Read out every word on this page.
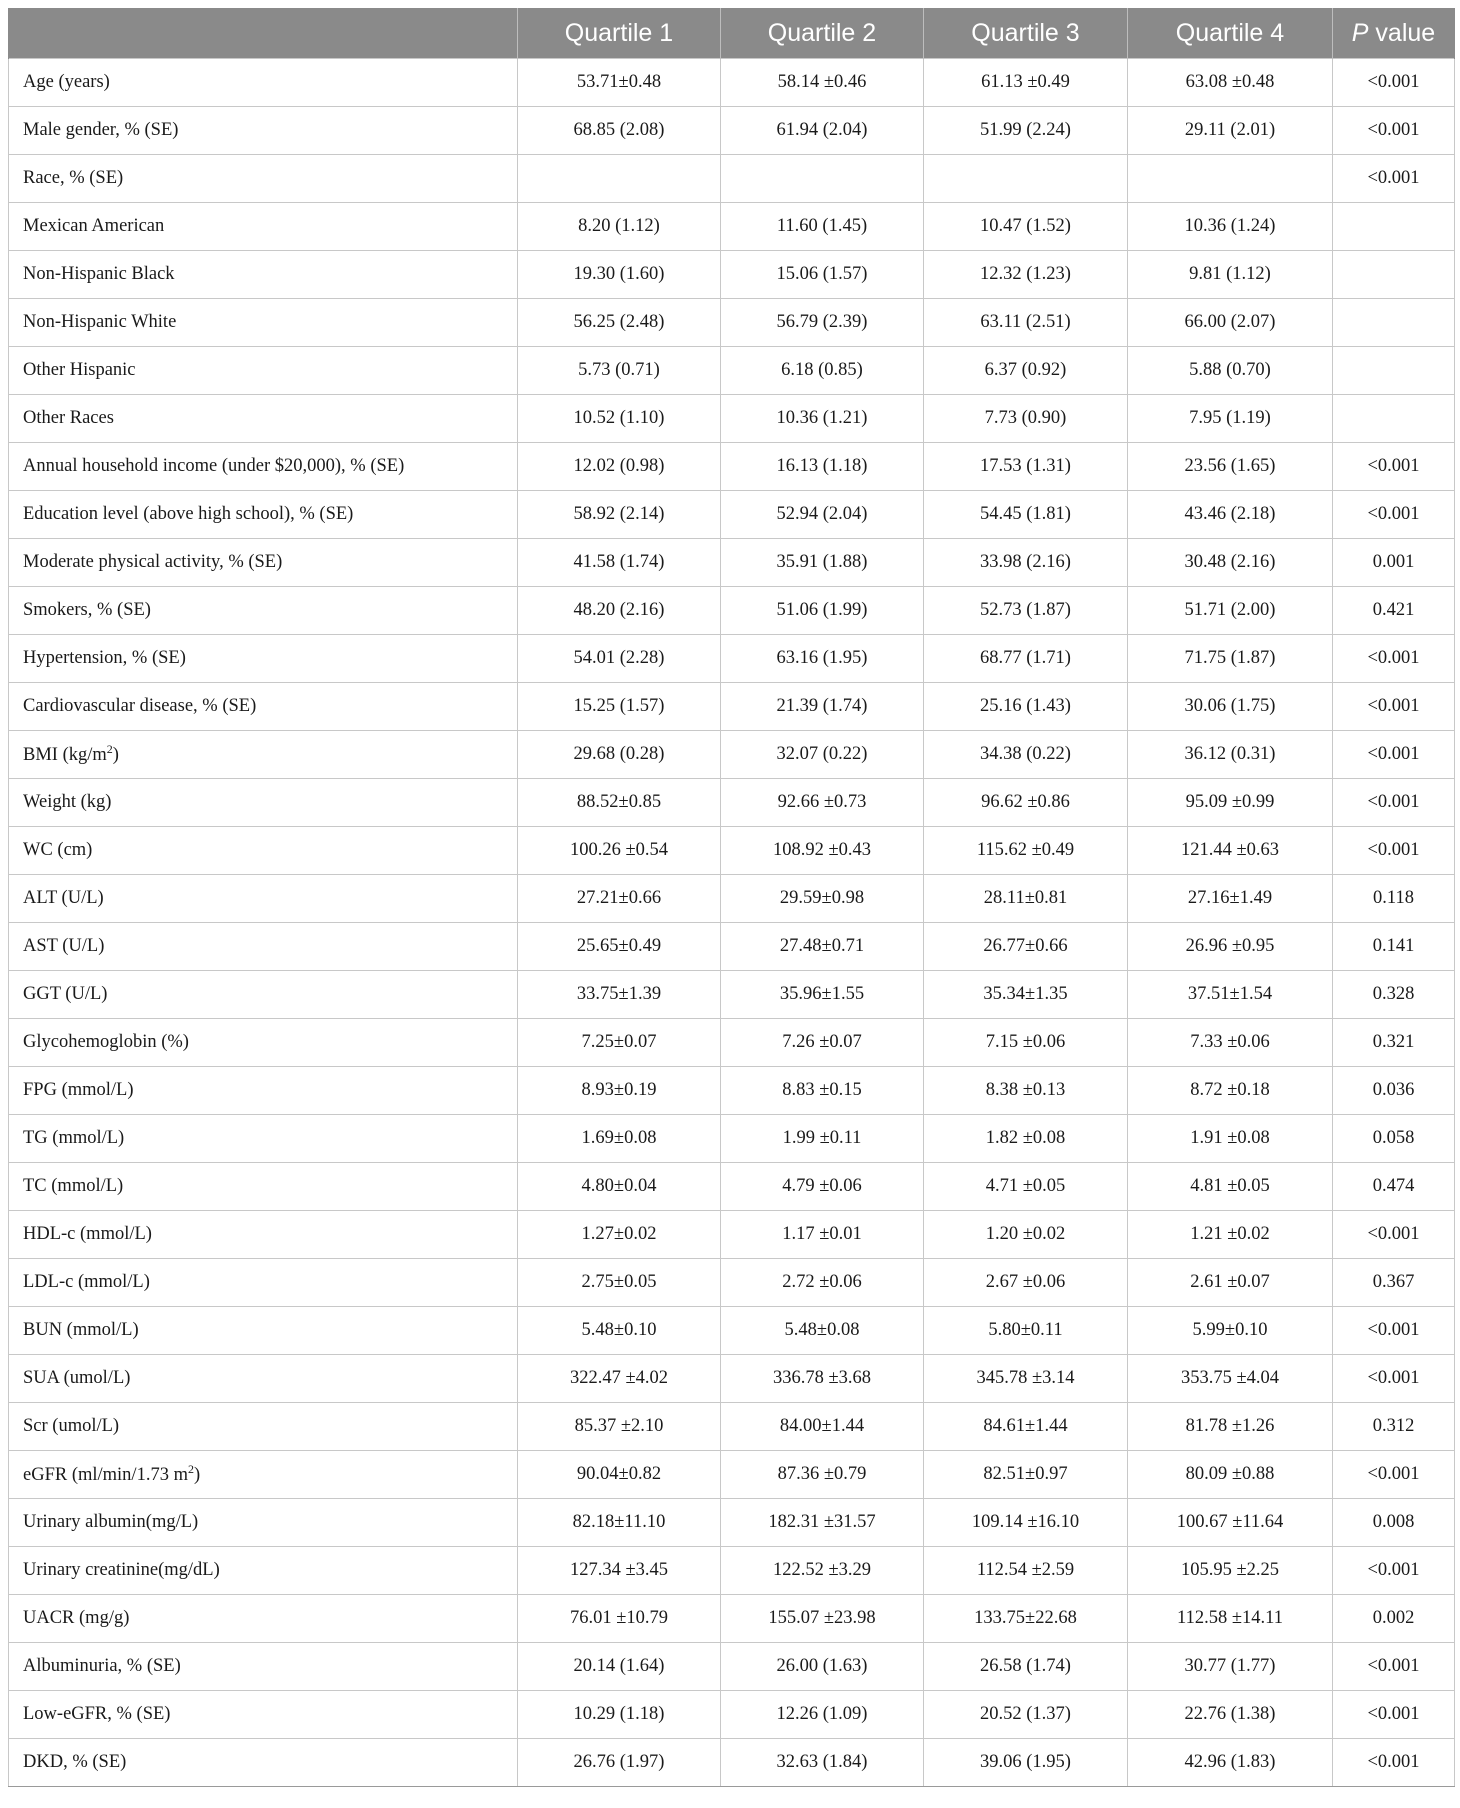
	Quartile 1	Quartile 2	Quartile 3	Quartile 4	P value
Age (years)	53.71±0.48	58.14 ±0.46	61.13 ±0.49	63.08 ±0.48	<0.001
Male gender, % (SE)	68.85 (2.08)	61.94 (2.04)	51.99 (2.24)	29.11 (2.01)	<0.001
Race, % (SE)					<0.001
Mexican American	8.20 (1.12)	11.60 (1.45)	10.47 (1.52)	10.36 (1.24)	
Non-Hispanic Black	19.30 (1.60)	15.06 (1.57)	12.32 (1.23)	9.81 (1.12)	
Non-Hispanic White	56.25 (2.48)	56.79 (2.39)	63.11 (2.51)	66.00 (2.07)	
Other Hispanic	5.73 (0.71)	6.18 (0.85)	6.37 (0.92)	5.88 (0.70)	
Other Races	10.52 (1.10)	10.36 (1.21)	7.73 (0.90)	7.95 (1.19)	
Annual household income (under $20,000), % (SE)	12.02 (0.98)	16.13 (1.18)	17.53 (1.31)	23.56 (1.65)	<0.001
Education level (above high school), % (SE)	58.92 (2.14)	52.94 (2.04)	54.45 (1.81)	43.46 (2.18)	<0.001
Moderate physical activity, % (SE)	41.58 (1.74)	35.91 (1.88)	33.98 (2.16)	30.48 (2.16)	0.001
Smokers, % (SE)	48.20 (2.16)	51.06 (1.99)	52.73 (1.87)	51.71 (2.00)	0.421
Hypertension, % (SE)	54.01 (2.28)	63.16 (1.95)	68.77 (1.71)	71.75 (1.87)	<0.001
Cardiovascular disease, % (SE)	15.25 (1.57)	21.39 (1.74)	25.16 (1.43)	30.06 (1.75)	<0.001
BMI $(kg/m^2)$	29.68 (0.28)	32.07 (0.22)	34.38 (0.22)	36.12 (0.31)	<0.001
Weight (kg)	88.52±0.85	92.66 ±0.73	96.62 ±0.86	95.09 ±0.99	<0.001
WC (cm)	100.26 ±0.54	108.92 ±0.43	115.62 ±0.49	121.44 ±0.63	<0.001
ALT (U/L)	27.21±0.66	29.59±0.98	28.11±0.81	27.16±1.49	0.118
AST (U/L)	25.65±0.49	27.48±0.71	26.77±0.66	26.96 ±0.95	0.141
GGT (U/L)	33.75±1.39	35.96±1.55	35.34±1.35	37.51±1.54	0.328
Glycohemoglobin (%)	7.25±0.07	7.26 ±0.07	7.15 ±0.06	7.33 ±0.06	0.321
FPG (mmol/L)	8.93±0.19	8.83 ±0.15	8.38 ±0.13	8.72 ±0.18	0.036
TG (mmol/L)	1.69±0.08	1.99 ±0.11	1.82 ±0.08	1.91 ±0.08	0.058
TC (mmol/L)	4.80±0.04	4.79 ±0.06	4.71 ±0.05	4.81 ±0.05	0.474
HDL-c (mmol/L)	1.27±0.02	1.17 ±0.01	1.20 ±0.02	1.21 ±0.02	<0.001
LDL-c (mmol/L)	2.75±0.05	2.72 ±0.06	2.67 ±0.06	2.61 ±0.07	0.367
BUN (mmol/L)	5.48±0.10	5.48±0.08	5.80±0.11	5.99±0.10	<0.001
SUA (umol/L)	322.47 ±4.02	336.78 ±3.68	345.78 ±3.14	353.75 ±4.04	<0.001
Scr (umol/L)	85.37 ±2.10	84.00±1.44	84.61±1.44	81.78 ±1.26	0.312
eGFR (ml/min/1.73 $m^2$)	90.04±0.82	87.36 ±0.79	82.51±0.97	80.09 ±0.88	<0.001
Urinary albumin(mg/L)	82.18±11.10	182.31 ±31.57	109.14 ±16.10	100.67 ±11.64	0.008
Urinary creatinine(mg/dL)	127.34 ±3.45	122.52 ±3.29	112.54 ±2.59	105.95 ±2.25	<0.001
UACR (mg/g)	76.01 ±10.79	155.07 ±23.98	133.75±22.68	112.58 ±14.11	0.002
Albuminuria, % (SE)	20.14 (1.64)	26.00 (1.63)	26.58 (1.74)	30.77 (1.77)	<0.001
Low-eGFR, % (SE)	10.29 (1.18)	12.26 (1.09)	20.52 (1.37)	22.76 (1.38)	<0.001
DKD, % (SE)	26.76 (1.97)	32.63 (1.84)	39.06 (1.95)	42.96 (1.83)	<0.001
